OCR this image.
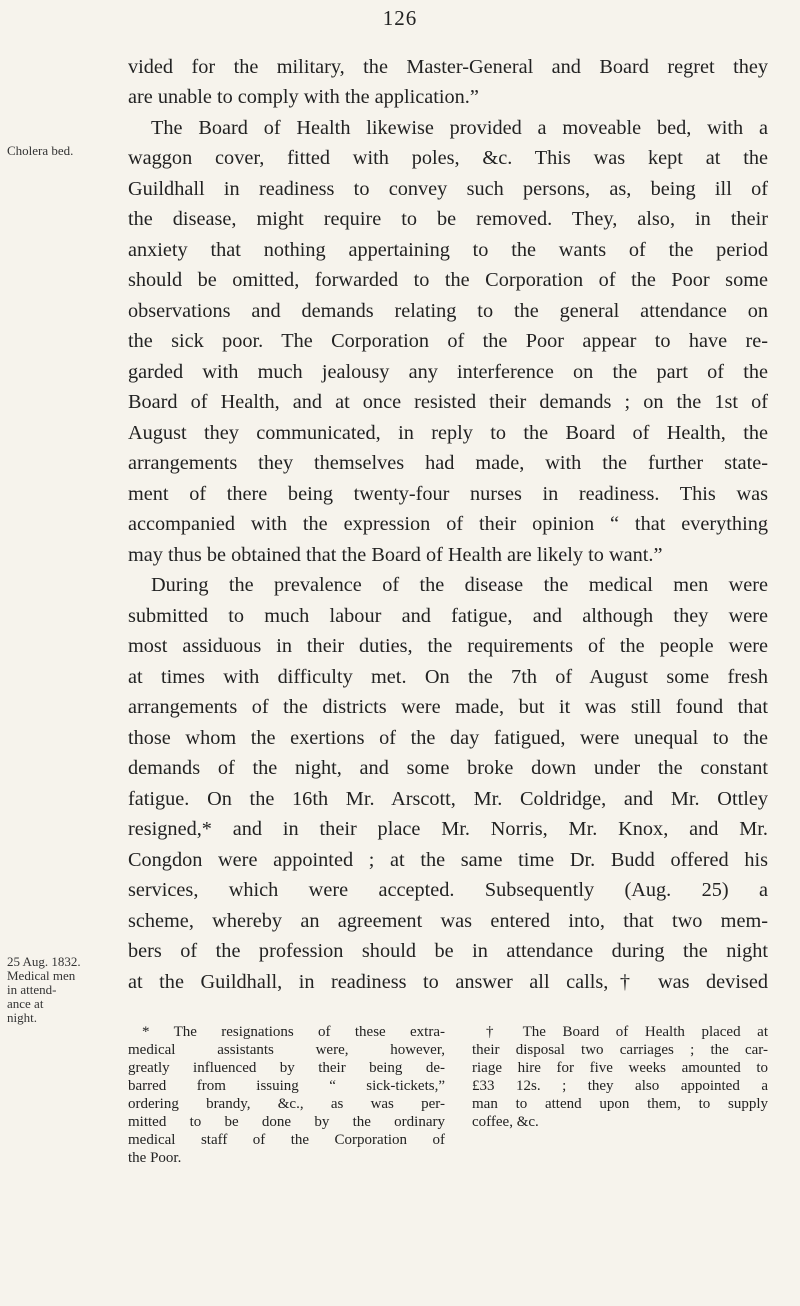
126
Cholera bed.
25 Aug. 1832.
Medical men
in attend-
ance at
night.
vided for the military, the Master-General and Board regret they
are unable to comply with the application.”
The Board of Health likewise provided a moveable bed, with a
waggon cover, fitted with poles, &c. This was kept at the
Guildhall in readiness to convey such persons, as, being ill of
the disease, might require to be removed. They, also, in their
anxiety that nothing appertaining to the wants of the period
should be omitted, forwarded to the Corporation of the Poor some
observations and demands relating to the general attendance on
the sick poor. The Corporation of the Poor appear to have re-
garded with much jealousy any interference on the part of the
Board of Health, and at once resisted their demands ; on the 1st of
August they communicated, in reply to the Board of Health, the
arrangements they themselves had made, with the further state-
ment of there being twenty-four nurses in readiness. This was
accompanied with the expression of their opinion “ that everything
may thus be obtained that the Board of Health are likely to want.”
During the prevalence of the disease the medical men were
submitted to much labour and fatigue, and although they were
most assiduous in their duties, the requirements of the people were
at times with difficulty met. On the 7th of August some fresh
arrangements of the districts were made, but it was still found that
those whom the exertions of the day fatigued, were unequal to the
demands of the night, and some broke down under the constant
fatigue. On the 16th Mr. Arscott, Mr. Coldridge, and Mr. Ottley
resigned,* and in their place Mr. Norris, Mr. Knox, and Mr.
Congdon were appointed ; at the same time Dr. Budd offered his
services, which were accepted. Subsequently (Aug. 25) a
scheme, whereby an agreement was entered into, that two mem-
bers of the profession should be in attendance during the night
at the Guildhall, in readiness to answer all calls,† was devised
* The resignations of these extra-
medical assistants were, however,
greatly influenced by their being de-
barred from issuing “ sick-tickets,”
ordering brandy, &c., as was per-
mitted to be done by the ordinary
medical staff of the Corporation of
the Poor.
† The Board of Health placed at
their disposal two carriages ; the car-
riage hire for five weeks amounted to
£33 12s. ; they also appointed a
man to attend upon them, to supply
coffee, &c.
